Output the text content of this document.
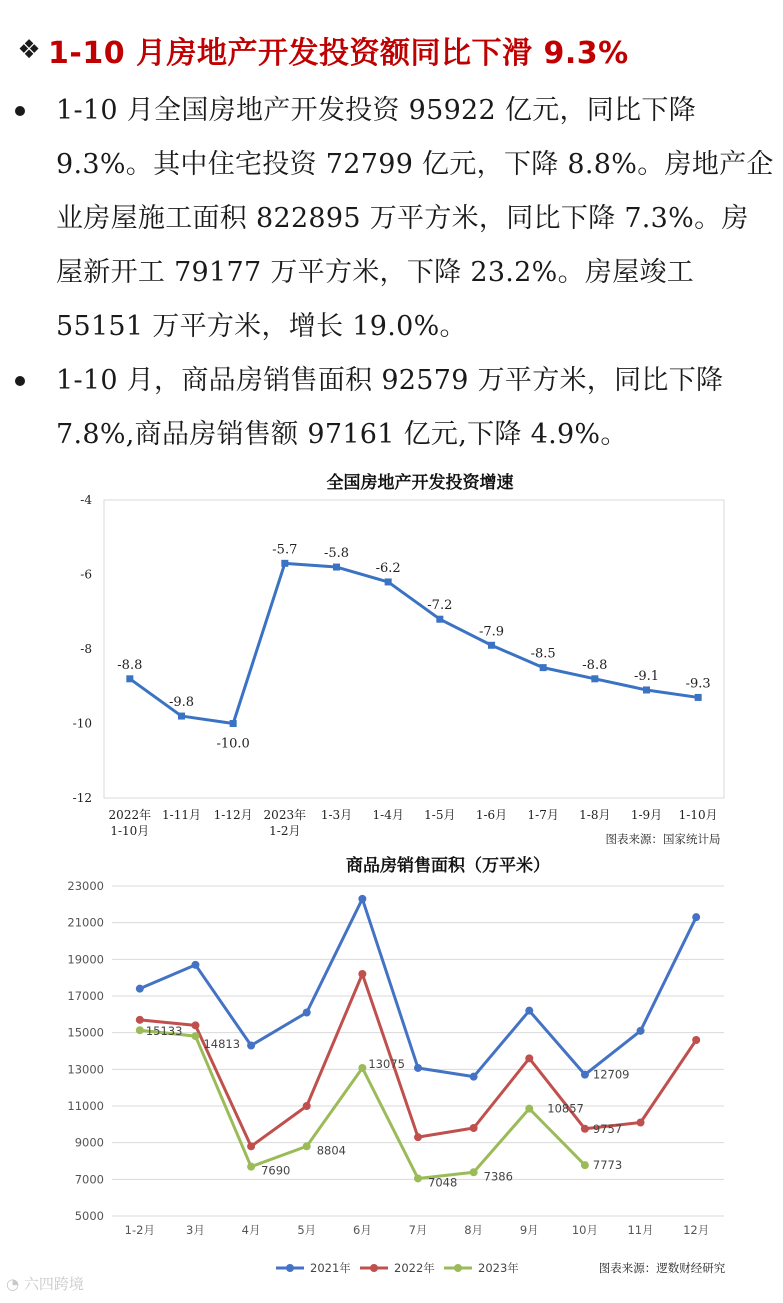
❖ 1-10 月房地产开发投资额同比下滑 9.3%
1-10 月全国房地产开发投资 95922 亿元，同比下降 9.3%。其中住宅投资 72799 亿元，下降 8.8%。房地产企业房屋施工面积 822895 万平方米，同比下降 7.3%。房屋新开工 79177 万平方米，下降 23.2%。房屋竣工 55151 万平方米，增长 19.0%。
1-10 月，商品房销售面积 92579 万平方米，同比下降 7.8%,商品房销售额 97161 亿元,下降 4.9%。
全国房地产开发投资增速
-4
-6
-8
-10
-12
2022年
1-10月
1-11月 1-12月 2023年
1-2月
1-3月 1-4月 1-5月 1-6月 1-7月 1-8月 1-9月 1-10月
-8.8
-9.8
-10.0
-5.7 -5.8
-6.2
-7.2
-7.9
-8.5
-8.8
-9.1 -9.3
图表来源：国家统计局
商品房销售面积（万平米）
23000
21000
19000
17000
15000
13000
11000
9000
7000
5000
1-2月	3月	4月	5月	6月	7月	8月	9月	10月	11月	12月
15133
14813
7690
8804
13075
7048 7386
10857
7773
9757
12709
2021年	2022年	2023年	图表来源：逻数财经研究
◔ 六四跨境
